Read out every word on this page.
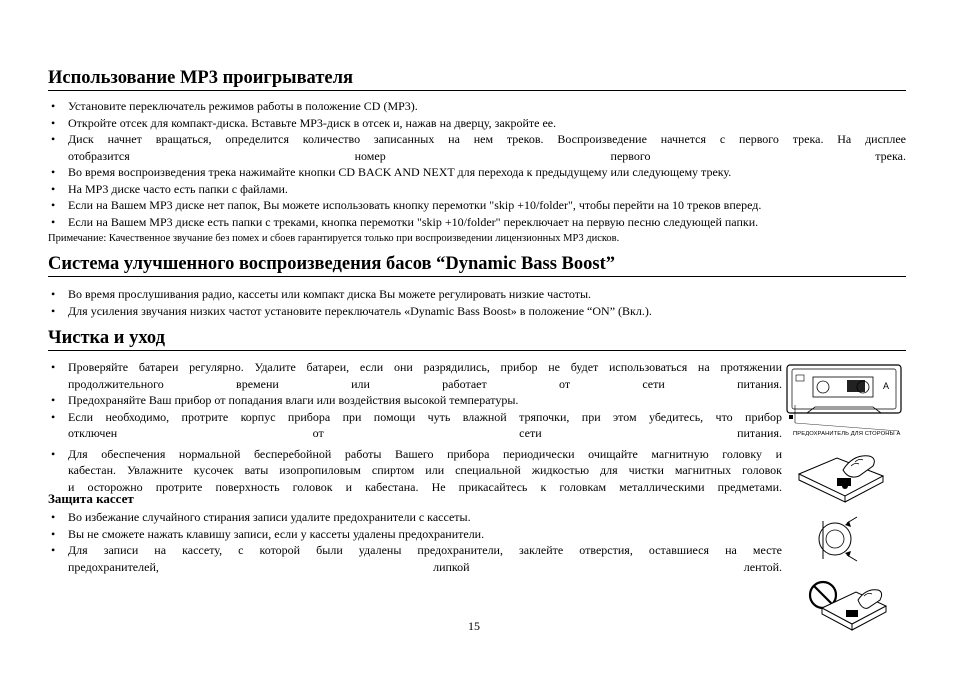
Использование MP3 проигрывателя
• Установите переключатель режимов работы в положение CD (MP3).
• Откройте отсек для компакт-диска. Вставьте MP3-диск в отсек и, нажав на дверцу, закройте ее.
• Диск начнет вращаться, определится количество записанных на нем треков. Воспроизведение начнется с первого трека. На дисплее
отобразится номер первого трека.
• Во время воспроизведения трека нажимайте кнопки CD BACK AND NEXT для перехода к предыдущему или следующему треку.
• На MP3 диске часто есть папки с файлами.
• Если на Вашем MP3 диске нет папок, Вы можете использовать кнопку перемотки "skip +10/folder", чтобы перейти на 10 треков вперед.
• Если на Вашем MP3 диске есть папки с треками, кнопка перемотки "skip +10/folder" переключает на первую песню следующей папки.
Примечание: Качественное звучание без помех и сбоев гарантируется только при воспроизведении лицензионных MP3 дисков.
Система улучшенного воспроизведения басов “Dynamic Bass Boost”
• Во время прослушивания радио, кассеты или компакт диска Вы можете регулировать низкие частоты.
• Для усиления звучания низких частот установите переключатель «Dynamic Bass Boost» в положение “ON” (Вкл.).
Чистка и уход
• Проверяйте батареи регулярно. Удалите батареи, если они разрядились, прибор не будет использоваться на протяжении
продолжительного времени или работает от сети питания.
• Предохраняйте Ваш прибор от попадания влаги или воздействия высокой температуры.
• Если необходимо, протрите корпус прибора при помощи чуть влажной тряпочки, при этом убедитесь, что прибор
отключен от сети питания.
• Для обеспечения нормальной бесперебойной работы Вашего прибора периодически очищайте магнитную головку и
кабестан. Увлажните кусочек ваты изопропиловым спиртом или специальной жидкостью для чистки магнитных головок
и осторожно протрите поверхность головок и кабестана. Не прикасайтесь к головкам металлическими предметами.
Защита кассет
• Во избежание случайного стирания записи удалите предохранители с кассеты.
• Вы не сможете нажать клавишу записи, если у кассеты удалены предохранители.
• Для записи на кассету, с которой были удалены предохранители, заклейте отверстия, оставшиеся на месте
предохранителей, липкой лентой.
A
ПРЕДОХРАНИТЕЛЬ ДЛЯ СТОРОНЫ А
15
